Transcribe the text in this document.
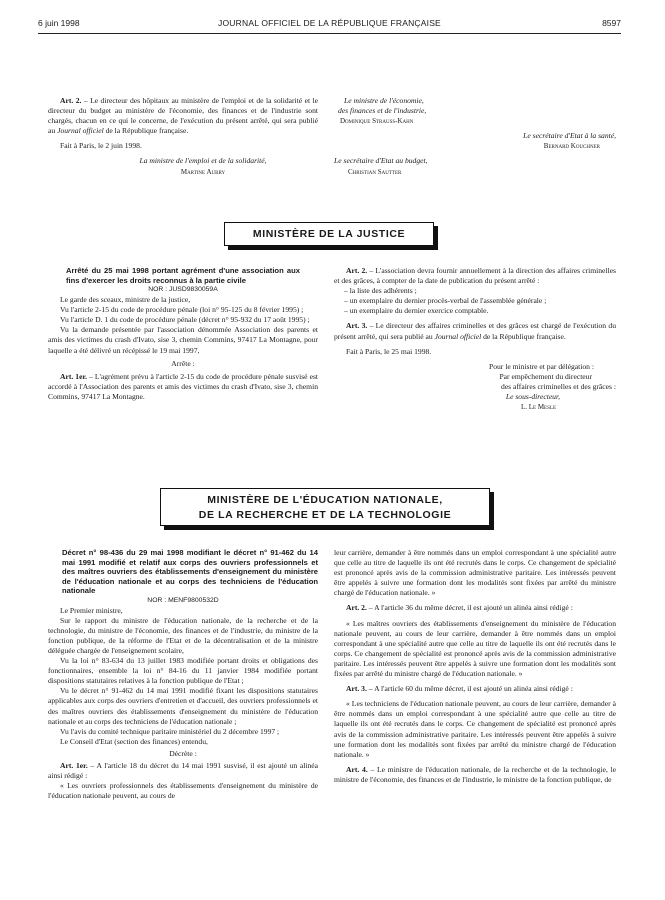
6 juin 1998	JOURNAL OFFICIEL DE LA RÉPUBLIQUE FRANÇAISE	8597

Art. 2. – Le directeur des hôpitaux au ministère de l'emploi et de la solidarité et le directeur du budget au ministère de l'économie, des finances et de l'industrie sont chargés, chacun en ce qui le concerne, de l'exécution du présent arrêté, qui sera publié au Journal officiel de la République française.

Fait à Paris, le 2 juin 1998.

La ministre de l'emploi et de la solidarité,

Martine Aubry

Le ministre de l'économie,

des finances et de l'industrie,

Dominique Strauss-Kahn

Le secrétaire d'Etat à la santé,

Bernard Kouchner

Le secrétaire d'Etat au budget,

Christian Sautter

MINISTÈRE DE LA JUSTICE

Arrêté du 25 mai 1998 portant agrément d'une association aux fins d'exercer les droits reconnus à la partie civile

NOR : JUSD9830059A

Le garde des sceaux, ministre de la justice,

Vu l'article 2-15 du code de procédure pénale (loi n° 95-125 du 8 février 1995) ;

Vu l'article D. 1 du code de procédure pénale (décret n° 95-932 du 17 août 1995) ;

Vu la demande présentée par l'association dénommée Association des parents et amis des victimes du crash d'Ivato, sise 3, chemin Commins, 97417 La Montagne, pour laquelle a été délivré un récépissé le 19 mai 1997,

Arrête :

Art. 1er. – L'agrément prévu à l'article 2-15 du code de procédure pénale susvisé est accordé à l'Association des parents et amis des victimes du crash d'Ivato, sise 3, chemin Commins, 97417 La Montagne.

Art. 2. – L'association devra fournir annuellement à la direction des affaires criminelles et des grâces, à compter de la date de publication du présent arrêté :

– la liste des adhérents ;

– un exemplaire du dernier procès-verbal de l'assemblée générale ;

– un exemplaire du dernier exercice comptable.

Art. 3. – Le directeur des affaires criminelles et des grâces est chargé de l'exécution du présent arrêté, qui sera publié au Journal officiel de la République française.

Fait à Paris, le 25 mai 1998.

Pour le ministre et par délégation :

Par empêchement du directeur

des affaires criminelles et des grâces :

Le sous-directeur,

L. Le Mesle

MINISTÈRE DE L'ÉDUCATION NATIONALE,
DE LA RECHERCHE ET DE LA TECHNOLOGIE

Décret n° 98-436 du 29 mai 1998 modifiant le décret n° 91-462 du 14 mai 1991 modifié et relatif aux corps des ouvriers professionnels et des maîtres ouvriers des établissements d'enseignement du ministère de l'éducation nationale et au corps des techniciens de l'éducation nationale

NOR : MENF9800532D

Le Premier ministre,

Sur le rapport du ministre de l'éducation nationale, de la recherche et de la technologie, du ministre de l'économie, des finances et de l'industrie, du ministre de la fonction publique, de la réforme de l'Etat et de la décentralisation et de la ministre déléguée chargée de l'enseignement scolaire,

Vu la loi n° 83-634 du 13 juillet 1983 modifiée portant droits et obligations des fonctionnaires, ensemble la loi n° 84-16 du 11 janvier 1984 modifiée portant dispositions statutaires relatives à la fonction publique de l'Etat ;

Vu le décret n° 91-462 du 14 mai 1991 modifié fixant les dispositions statutaires applicables aux corps des ouvriers d'entretien et d'accueil, des ouvriers professionnels et des maîtres ouvriers des établissements d'enseignement du ministère de l'éducation nationale et au corps des techniciens de l'éducation nationale ;

Vu l'avis du comité technique paritaire ministériel du 2 décembre 1997 ;

Le Conseil d'Etat (section des finances) entendu,

Décrète :

Art. 1er. – A l'article 18 du décret du 14 mai 1991 susvisé, il est ajouté un alinéa ainsi rédigé :

« Les ouvriers professionnels des établissements d'enseignement du ministère de l'éducation nationale peuvent, au cours de

leur carrière, demander à être nommés dans un emploi correspondant à une spécialité autre que celle au titre de laquelle ils ont été recrutés dans le corps. Ce changement de spécialité est prononcé après avis de la commission administrative paritaire. Les intéressés peuvent être appelés à suivre une formation dont les modalités sont fixées par arrêté du ministre chargé de l'éducation nationale. »

Art. 2. – A l'article 36 du même décret, il est ajouté un alinéa ainsi rédigé :

« Les maîtres ouvriers des établissements d'enseignement du ministère de l'éducation nationale peuvent, au cours de leur carrière, demander à être nommés dans un emploi correspondant à une spécialité autre que celle au titre de laquelle ils ont été recrutés dans le corps. Ce changement de spécialité est prononcé après avis de la commission administrative paritaire. Les intéressés peuvent être appelés à suivre une formation dont les modalités sont fixées par arrêté du ministre chargé de l'éducation nationale. »

Art. 3. – A l'article 60 du même décret, il est ajouté un alinéa ainsi rédigé :

« Les techniciens de l'éducation nationale peuvent, au cours de leur carrière, demander à être nommés dans un emploi correspondant à une spécialité autre que celle au titre de laquelle ils ont été recrutés dans le corps. Ce changement de spécialité est prononcé après avis de la commission administrative paritaire. Les intéressés peuvent être appelés à suivre une formation dont les modalités sont fixées par arrêté du ministre chargé de l'éducation nationale. »

Art. 4. – Le ministre de l'éducation nationale, de la recherche et de la technologie, le ministre de l'économie, des finances et de l'industrie, le ministre de la fonction publique, de
